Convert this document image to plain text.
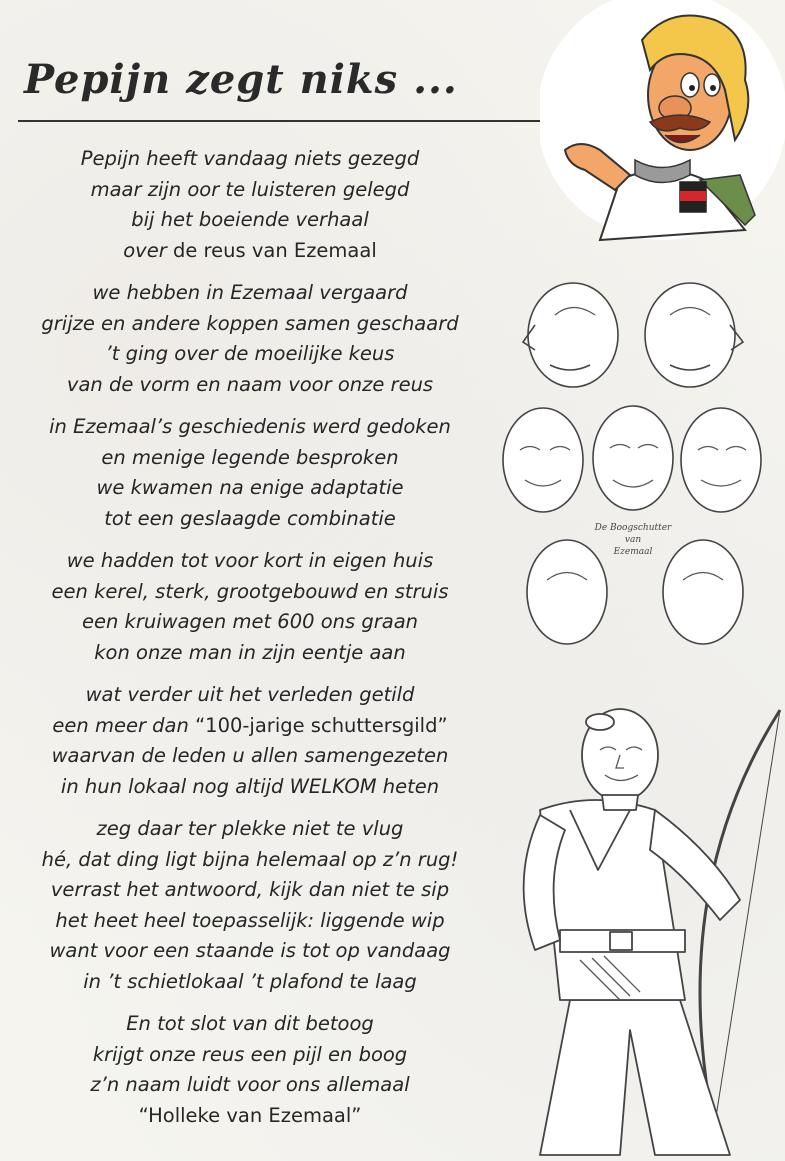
Pepijn zegt niks ...
De Boogschutter
van
Ezemaal
Pepijn heeft vandaag niets gezegd
maar zijn oor te luisteren gelegd
bij het boeiende verhaal
over de reus van Ezemaal
we hebben in Ezemaal vergaard
grijze en andere koppen samen geschaard
’t ging over de moeilijke keus
van de vorm en naam voor onze reus
in Ezemaal’s geschiedenis werd gedoken
en menige legende besproken
we kwamen na enige adaptatie
tot een geslaagde combinatie
we hadden tot voor kort in eigen huis
een kerel, sterk, grootgebouwd en struis
een kruiwagen met 600 ons graan
kon onze man in zijn eentje aan
wat verder uit het verleden getild
een meer dan “100-jarige schuttersgild”
waarvan de leden u allen samengezeten
in hun lokaal nog altijd WELKOM heten
zeg daar ter plekke niet te vlug
hé, dat ding ligt bijna helemaal op z’n rug!
verrast het antwoord, kijk dan niet te sip
het heet heel toepasselijk: liggende wip
want voor een staande is tot op vandaag
in ’t schietlokaal ’t plafond te laag
En tot slot van dit betoog
krijgt onze reus een pijl en boog
z’n naam luidt voor ons allemaal
“Holleke van Ezemaal”
